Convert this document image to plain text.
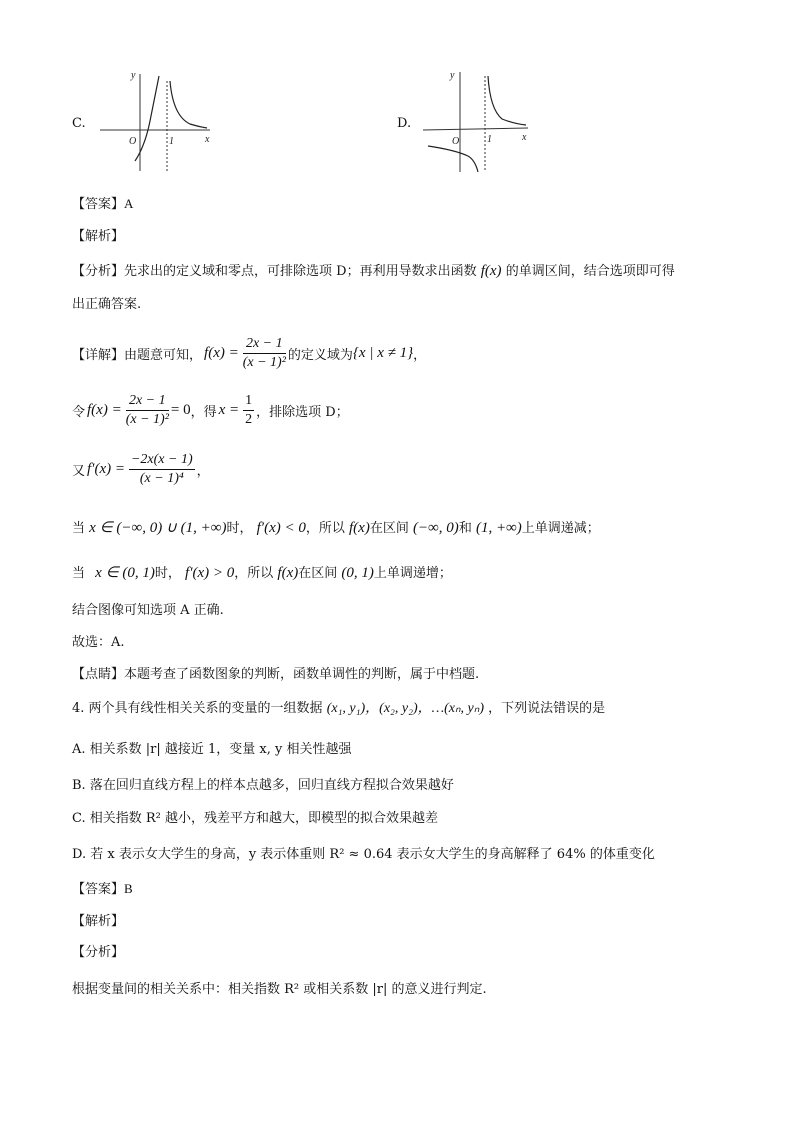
C.
y
x
O	1
D.
y
x
O	1
【答案】A
【解析】
【分析】先求出的定义域和零点，可排除选项 D；再利用导数求出函数 f(x) 的单调区间，结合选项即可得
出正确答案.
【详解】 由题意可知， $f(x) = \frac{2x - 1}{\text{(x − 1)²}}$ 的定义域为 {x | x ≠ 1} ，
令 $f(x) = \frac{2x - 1}{\text{(x − 1)²}} = 0$ ，得 $x = \frac{1}{2}$ ，排除选项 D；
又 $f'(x) = \frac{-2x(x - 1)}{\text{(x − 1)⁴}}$ ，
当 x ∈ (−∞, 0) ∪ (1, +∞)时， f′(x) < 0，所以 f(x)在区间 (−∞, 0)和 (1, +∞)上单调递减；
当 x ∈ (0, 1)时， f′(x) > 0，所以 f(x)在区间 (0, 1)上单调递增；
结合图像可知选项 A 正确.
故选：A.
【点睛】本题考查了函数图象的判断，函数单调性的判断，属于中档题.
4. 两个具有线性相关关系的变量的一组数据 (x₁, y₁)，(x₂, y₂)，…(xₙ, yₙ) ，下列说法错误的是
A. 相关系数 |r| 越接近 1，变量 x, y 相关性越强
B. 落在回归直线方程上的样本点越多，回归直线方程拟合效果越好
C. 相关指数 R² 越小，残差平方和越大，即模型的拟合效果越差
D. 若 x 表示女大学生的身高，y 表示体重则 R² ≈ 0.64 表示女大学生的身高解释了 64% 的体重变化
【答案】B
【解析】
【分析】
根据变量间的相关关系中：相关指数 R² 或相关系数 |r| 的意义进行判定.
